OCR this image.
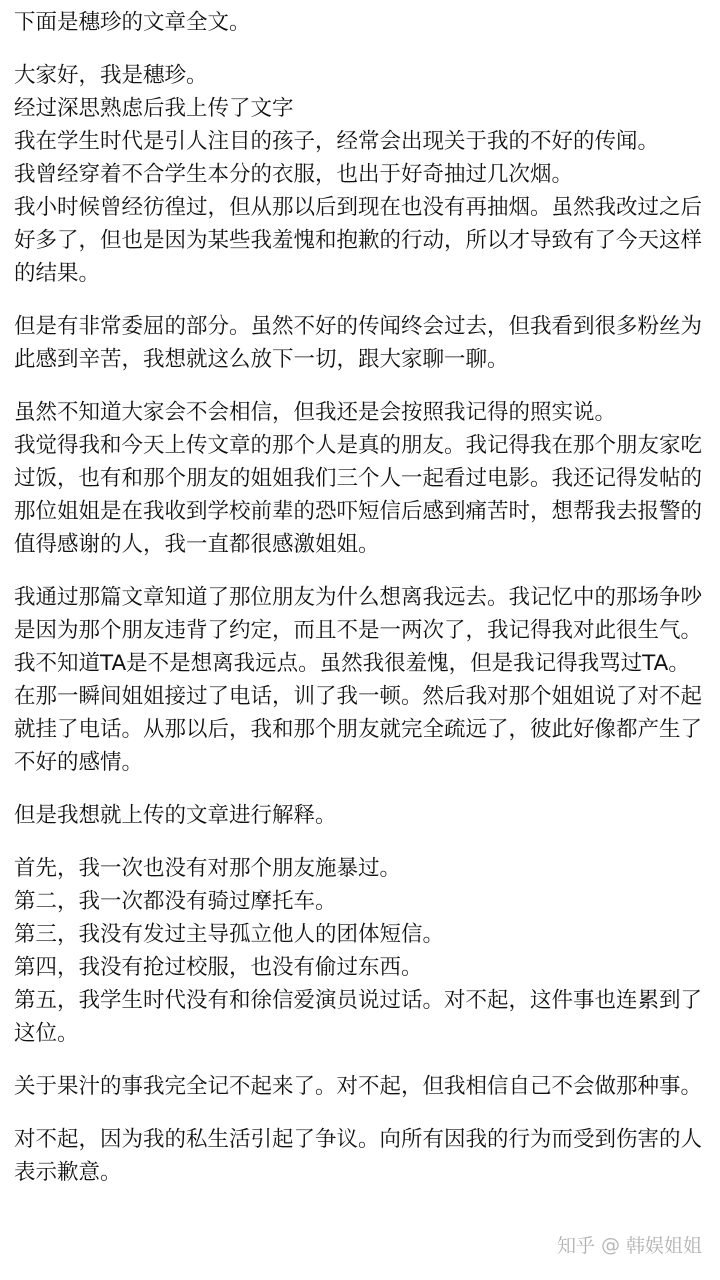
下面是穗珍的文章全文。

大家好，我是穗珍。
经过深思熟虑后我上传了文字
我在学生时代是引人注目的孩子，经常会出现关于我的不好的传闻。
我曾经穿着不合学生本分的衣服，也出于好奇抽过几次烟。
我小时候曾经彷徨过，但从那以后到现在也没有再抽烟。虽然我改过之后好多了，但也是因为某些我羞愧和抱歉的行动，所以才导致有了今天这样的结果。

但是有非常委屈的部分。虽然不好的传闻终会过去，但我看到很多粉丝为此感到辛苦，我想就这么放下一切，跟大家聊一聊。

虽然不知道大家会不会相信，但我还是会按照我记得的照实说。
我觉得我和今天上传文章的那个人是真的朋友。我记得我在那个朋友家吃过饭，也有和那个朋友的姐姐我们三个人一起看过电影。我还记得发帖的那位姐姐是在我收到学校前辈的恐吓短信后感到痛苦时，想帮我去报警的值得感谢的人，我一直都很感激姐姐。

我通过那篇文章知道了那位朋友为什么想离我远去。我记忆中的那场争吵是因为那个朋友违背了约定，而且不是一两次了，我记得我对此很生气。我不知道TA是不是想离我远点。虽然我很羞愧，但是我记得我骂过TA。在那一瞬间姐姐接过了电话，训了我一顿。然后我对那个姐姐说了对不起就挂了电话。从那以后，我和那个朋友就完全疏远了，彼此好像都产生了不好的感情。

但是我想就上传的文章进行解释。

首先，我一次也没有对那个朋友施暴过。
第二，我一次都没有骑过摩托车。
第三，我没有发过主导孤立他人的团体短信。
第四，我没有抢过校服，也没有偷过东西。
第五，我学生时代没有和徐信爱演员说过话。对不起，这件事也连累到了这位。

关于果汁的事我完全记不起来了。对不起，但我相信自己不会做那种事。

对不起，因为我的私生活引起了争议。向所有因我的行为而受到伤害的人表示歉意。

知乎 @ 韩娱姐姐
